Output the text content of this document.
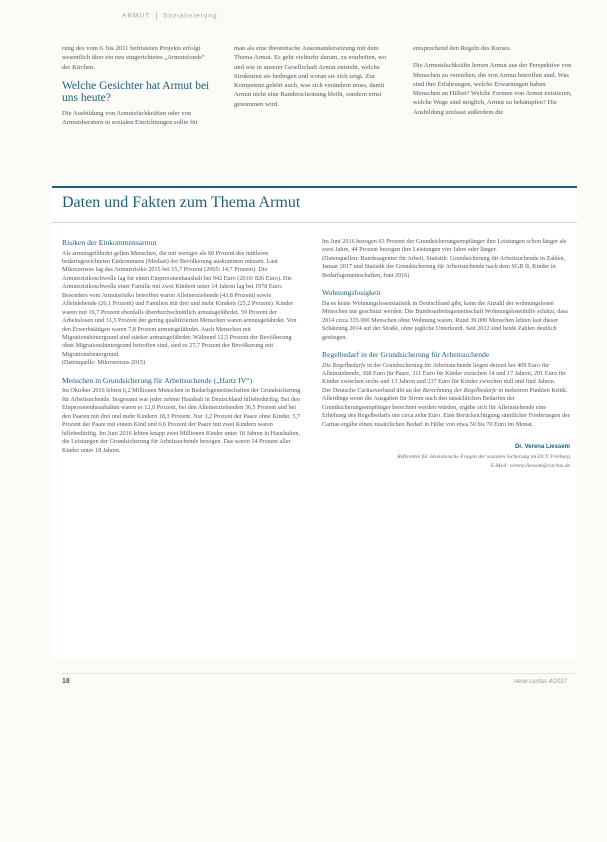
ARMUT Sozialisierung

rung des vom 6. bis 2011 befristeten Projekts erfolgt wesentlich über ein neu eingerichtetes „Armutsfonds“ der Kirchen.

Welche Gesichter hat Armut bei uns heute?

Die Ausbildung von Armutsfachkräften oder von Armutsberatern in sozialen Einrichtungen sollte für

man als eine theoretische Auseinandersetzung mit dem Thema Armut. Es geht vielmehr darum, zu erarbeiten, wo und wie in unserer Gesellschaft Armut entsteht, welche Strukturen sie bedingen und woran sie sich zeigt. Zur Kompetenz gehört auch, was sich verändern muss, damit Armut nicht eine Randerscheinung bleibt, sondern ernst genommen wird.

entsprechend den Regeln des Kurses.

Die Armutsfachkräfte lernen Armut aus der Perspektive von Menschen zu verstehen, die von Armut betroffen sind. Was sind ihre Erfahrungen, welche Erwartungen haben Menschen an Hilfen? Welche Formen von Armut existieren, welche Wege sind möglich, Armut zu bekämpfen? Die Ausbildung umfasst außerdem die

Daten und Fakten zum Thema Armut
Risiken der Einkommensarmut

Als armutsgefährdet gelten Menschen, die mit weniger als 60 Prozent des mittleren bedarfsgewichteten Einkommens (Median) der Bevölkerung auskommen müssen. Laut Mikrozensus lag das Armutsrisiko 2015 bei 15,7 Prozent (2005: 14,7 Prozent). Die Armutsrisikoschwelle lag für einen Einpersonenhaushalt bei 942 Euro (2010: 826 Euro). Die Armutsrisikoschwelle einer Familie mit zwei Kindern unter 14 Jahren lag bei 1978 Euro.

Besonders vom Armutsrisiko betroffen waren Alleinerziehende (43,8 Prozent) sowie Alleinlebende (26,1 Prozent) und Familien mit drei und mehr Kindern (25,2 Prozent). Kinder waren mit 19,7 Prozent ebenfalls überdurchschnittlich armutsgefährdet. 59 Prozent der Arbeitslosen und 31,5 Prozent der gering qualifizierten Menschen waren armutsgefährdet. Von den Erwerbstätigen waren 7,8 Prozent armutsgefährdet. Auch Menschen mit Migrationshintergrund sind stärker armutsgefährdet: Während 12,5 Prozent der Bevölkerung ohne Migrationshintergrund betroffen sind, sind es 27,7 Prozent der Bevölkerung mit Migrationshintergrund.

(Datenquelle: Mikrozensus 2015)

Menschen in Grundsicherung für Arbeitsuchende („Hartz IV“)

Im Oktober 2016 lebten 6,2 Millionen Menschen in Bedarfsgemeinschaften der Grundsicherung für Arbeitsuchende. Insgesamt war jeder zehnte Haushalt in Deutschland hilfebedürftig. Bei den Einpersonenhaushalten waren es 12,0 Prozent, bei den Alleinerziehenden 36,5 Prozent und bei den Paaren mit drei und mehr Kindern 18,3 Prozent. Nur 3,2 Prozent der Paare ohne Kinder, 5,7 Prozent der Paare mit einem Kind und 6,6 Prozent der Paare mit zwei Kindern waren hilfebedürftig. Im Juni 2016 lebten knapp zwei Millionen Kinder unter 18 Jahren in Haushalten, die Leistungen der Grundsicherung für Arbeitsuchende bezogen. Das waren 14 Prozent aller Kinder unter 18 Jahren.

Im Juni 2016 bezogen 63 Prozent der Grundsicherungsempfänger ihre Leistungen schon länger als zwei Jahre, 44 Prozent bezogen ihre Leistungen vier Jahre oder länger.

(Datenquellen: Bundesagentur für Arbeit, Statistik: Grundsicherung für Arbeitsuchende in Zahlen, Januar 2017 und Statistik der Grundsicherung für Arbeitsuchende nach dem SGB II, Kinder in Bedarfsgemeinschaften, Juni 2016)

Wohnungslosigkeit

Da es keine Wohnungslosenstatistik in Deutschland gibt, kann die Anzahl der wohnungslosen Menschen nur geschätzt werden: Die Bundesarbeitsgemeinschaft Wohnungslosenhilfe schätzt, dass 2014 circa 335.000 Menschen ohne Wohnung waren. Rund 39.000 Menschen lebten laut dieser Schätzung 2014 auf der Straße, ohne jegliche Unterkunft. Seit 2012 sind beide Zahlen deutlich gestiegen.

Regelbedarf in der Grundsicherung für Arbeitsuchende

Die Regelbedarfe in der Grundsicherung für Arbeitsuchende liegen derzeit bei 409 Euro für Alleinstehende, 368 Euro für Paare, 311 Euro für Kinder zwischen 14 und 17 Jahren, 291 Euro für Kinder zwischen sechs und 13 Jahren und 237 Euro für Kinder zwischen null und fünf Jahren.

Der Deutsche Caritasverband übt an der Berechnung der Regelbedarfe in mehreren Punkten Kritik. Allerdings wenn die Ausgaben für Strom nach den tatsächlichen Bedarfen der Grundsicherungsempfänger berechnet werden würden, ergäbe sich für Alleinstehende eine Erhöhung des Regelbedarfs um circa zehn Euro. Eine Berücksichtigung sämtlicher Forderungen der Caritas ergäbe einen zusätzlichen Bedarf in Höhe von etwa 50 bis 70 Euro im Monat.

Dr. Verena Liessem
Referentin für ökonomische Fragen der sozialen Sicherung im DCV Freiburg
E-Mail: verena.liessem@caritas.de
18	neue caritas 4/2017
